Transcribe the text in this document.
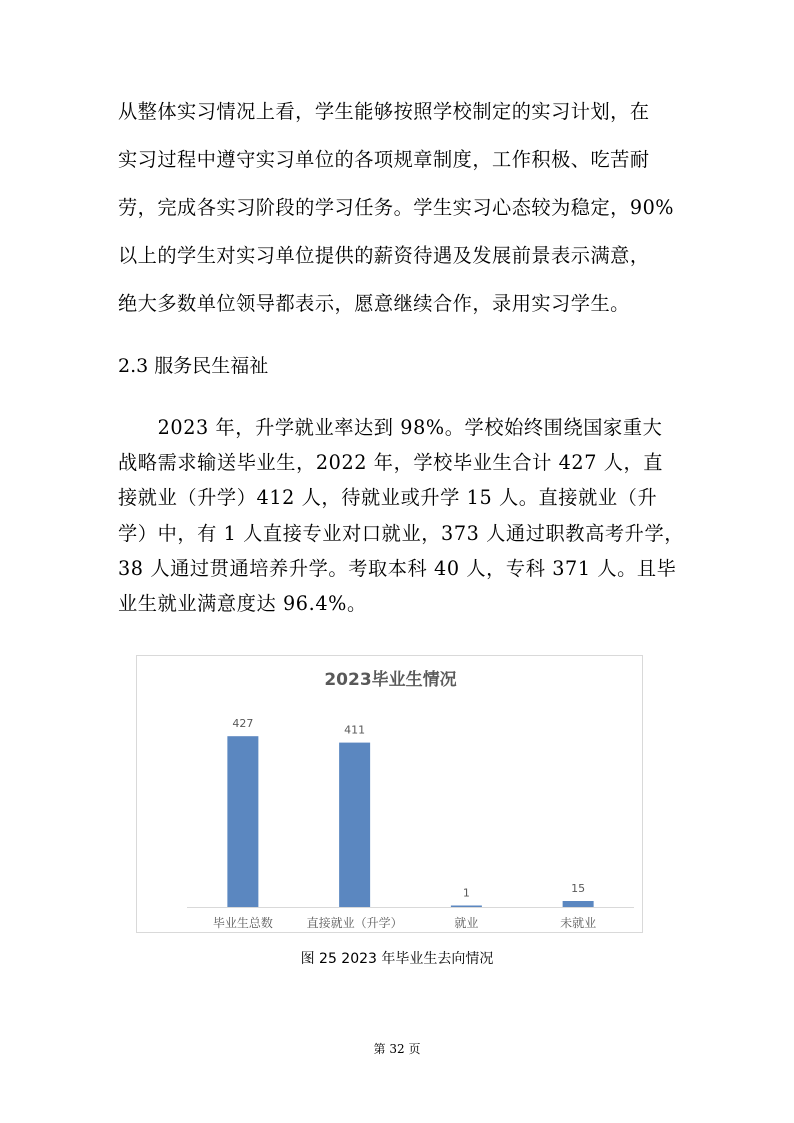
从整体实习情况上看，学生能够按照学校制定的实习计划，在
实习过程中遵守实习单位的各项规章制度，工作积极、吃苦耐
劳，完成各实习阶段的学习任务。学生实习心态较为稳定，90%
以上的学生对实习单位提供的薪资待遇及发展前景表示满意，
绝大多数单位领导都表示，愿意继续合作，录用实习学生。

2.3 服务民生福祉

　　2023 年，升学就业率达到 98%。学校始终围绕国家重大
战略需求输送毕业生，2022 年，学校毕业生合计 427 人，直
接就业（升学）412 人，待就业或升学 15 人。直接就业（升
学）中，有 1 人直接专业对口就业，373 人通过职教高考升学，
38 人通过贯通培养升学。考取本科 40 人，专科 371 人。且毕
业生就业满意度达 96.4%。

2023毕业生情况
427
毕业生总数
411
直接就业（升学）
1
就业
15
未就业
图 25 2023 年毕业生去向情况
第 32 页
